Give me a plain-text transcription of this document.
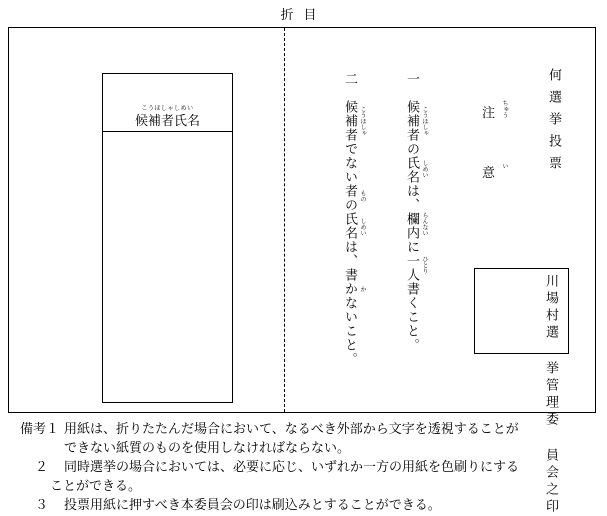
折目
こうほしゃしめい
候補者氏名	何選挙投票
注
意
ちゅう
い
一
候補者の氏名は、欄内に一人書くこと。 こうほしゃ
しめい
らんない
ひとり
二
候補者でない者の氏名は、書かないこと。 こうほしゃ
もの
しめい
か	川場村選 挙管理委 員会之印
備考１ 用紙は、折りたたんだ場合において、なるべき外部から文字を透視することが
できない紙質のものを使用しなければならない。
２	同時選挙の場合においては、必要に応じ、いずれか一方の用紙を色刷りにする
ことができる。
３	投票用紙に押すべき本委員会の印は刷込みとすることができる。
